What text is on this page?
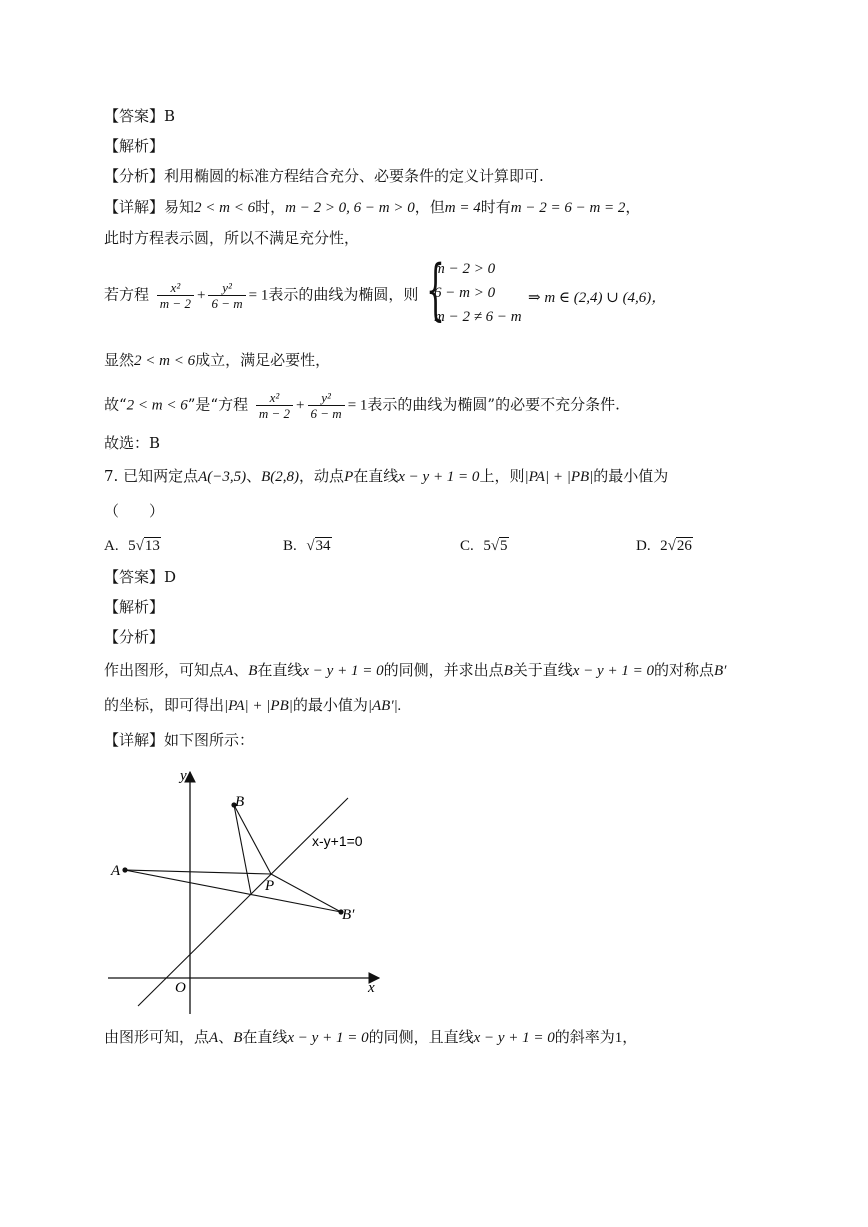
【答案】B
【解析】
【分析】利用椭圆的标准方程结合充分、必要条件的定义计算即可.
【详解】易知2 < m < 6时，m − 2 > 0, 6 − m > 0，但m = 4时有m − 2 = 6 − m = 2，
此时方程表示圆，所以不满足充分性，
若方程 $\frac{\text{x²}}{m - 2} + \frac{\text{y²}}{6 - m} = 1$表示的曲线为椭圆，则 {
m − 2 > 0
6 − m > 0
m − 2 ≠ 6 − m
⇒ m ∈ (2,4) ∪ (4,6)，
显然2 < m < 6成立，满足必要性，
故“2 < m < 6”是“方程 $\frac{\text{x²}}{m - 2} + \frac{\text{y²}}{6 - m} = 1$表示的曲线为椭圆”的必要不充分条件.
故选：B
7. 已知两定点A(−3,5)、B(2,8)，动点P在直线x − y + 1 = 0上，则|PA| + |PB|的最小值为
（　　）
A. 5√13	B. √34	C. 5√5	D. 2√26
【答案】D
【解析】
【分析】
作出图形，可知点A、B在直线x − y + 1 = 0的同侧，并求出点B关于直线x − y + 1 = 0的对称点B′
的坐标，即可得出|PA| + |PB|的最小值为|AB′|.
【详解】如下图所示：
y
x
O
A
B
P
B′
x-y+1=0
由图形可知，点A、B在直线x − y + 1 = 0的同侧，且直线x − y + 1 = 0的斜率为1，
